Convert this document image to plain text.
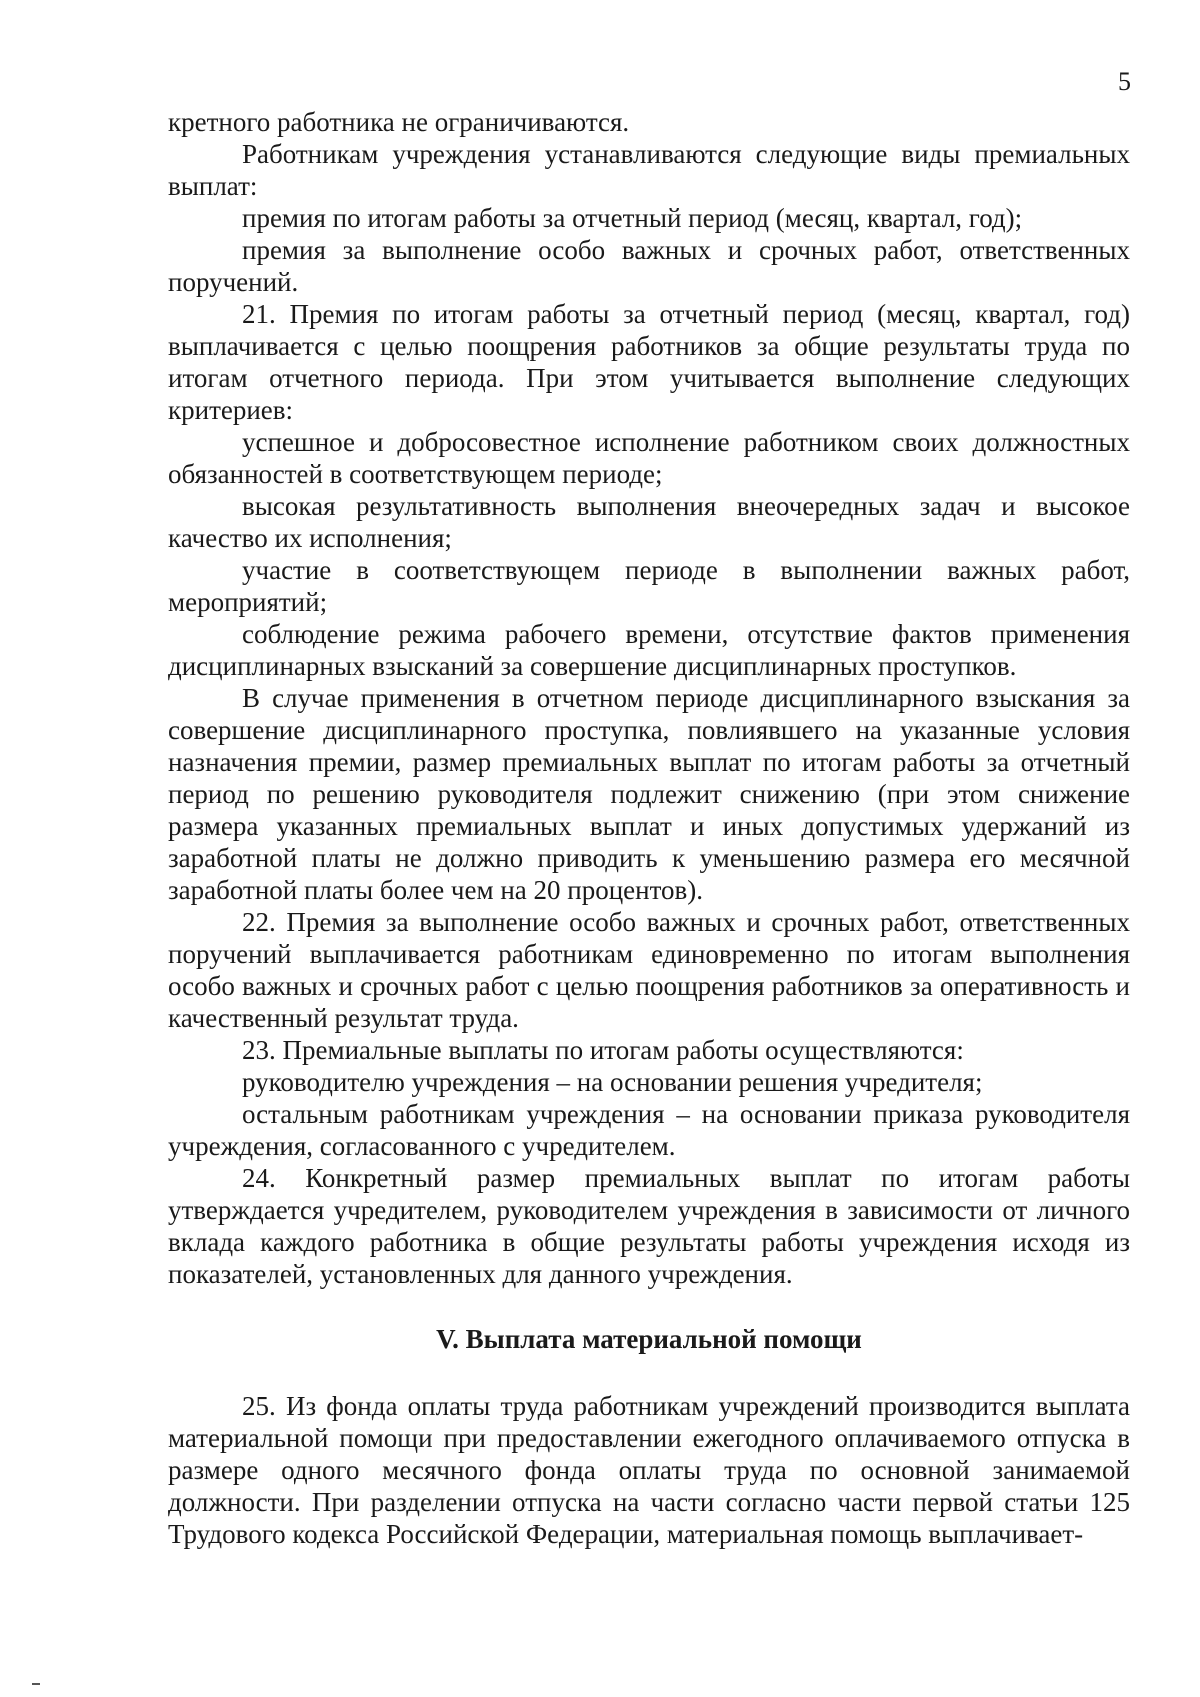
5

кретного работника не ограничиваются.

Работникам учреждения устанавливаются следующие виды премиальных выплат:

премия по итогам работы за отчетный период (месяц, квартал, год);

премия за выполнение особо важных и срочных работ, ответственных поручений.

21. Премия по итогам работы за отчетный период (месяц, квартал, год) выплачивается с целью поощрения работников за общие результаты труда по итогам отчетного периода. При этом учитывается выполнение следующих критериев:

успешное и добросовестное исполнение работником своих должностных обязанностей в соответствующем периоде;

высокая результативность выполнения внеочередных задач и высокое качество их исполнения;

участие в соответствующем периоде в выполнении важных работ, мероприятий;

соблюдение режима рабочего времени, отсутствие фактов применения дисциплинарных взысканий за совершение дисциплинарных проступков.

В случае применения в отчетном периоде дисциплинарного взыскания за совершение дисциплинарного проступка, повлиявшего на указанные условия назначения премии, размер премиальных выплат по итогам работы за отчетный период по решению руководителя подлежит снижению (при этом снижение размера указанных премиальных выплат и иных допустимых удержаний из заработной платы не должно приводить к уменьшению размера его месячной заработной платы более чем на 20 процентов).

22. Премия за выполнение особо важных и срочных работ, ответственных поручений выплачивается работникам единовременно по итогам выполнения особо важных и срочных работ с целью поощрения работников за оперативность и качественный результат труда.

23. Премиальные выплаты по итогам работы осуществляются:

руководителю учреждения – на основании решения учредителя;

остальным работникам учреждения – на основании приказа руководителя учреждения, согласованного с учредителем.

24. Конкретный размер премиальных выплат по итогам работы утверждается учредителем, руководителем учреждения в зависимости от личного вклада каждого работника в общие результаты работы учреждения исходя из показателей, установленных для данного учреждения.

V. Выплата материальной помощи

25. Из фонда оплаты труда работникам учреждений производится выплата материальной помощи при предоставлении ежегодного оплачиваемого отпуска в размере одного месячного фонда оплаты труда по основной занимаемой должности. При разделении отпуска на части согласно части первой статьи 125 Трудового кодекса Российской Федерации, материальная помощь выплачивает-
